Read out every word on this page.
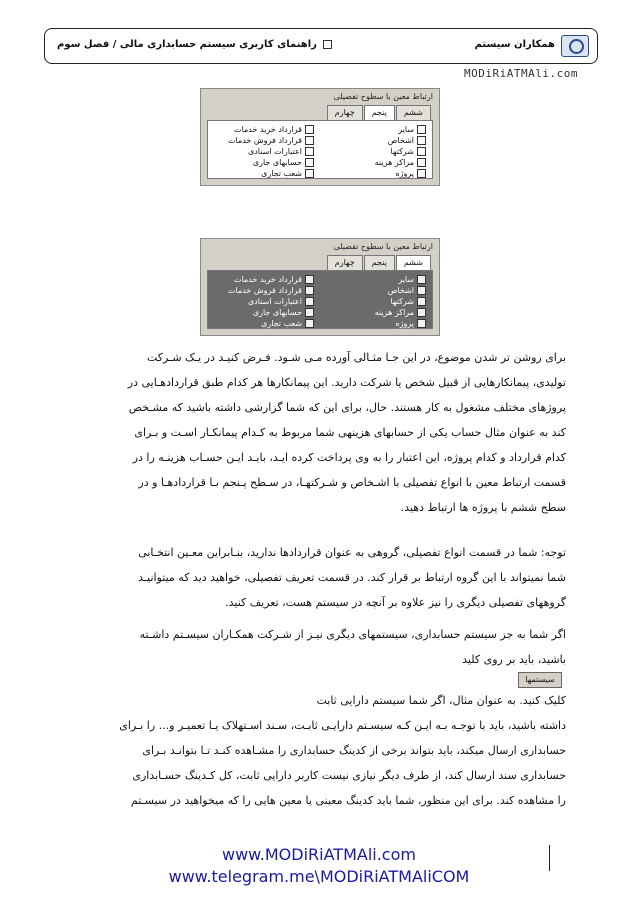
همکاران سیستم
راهنمای کاربری سیستم حسابداری مالی / فصل سوم
MODiRiATMAli.com
ارتباط معین با سطوح تفصیلی
ششم
پنجم
چهارم
قرارداد خرید خدمات
قرارداد فروش خدمات
اعتبارات اسنادی
حسابهای جاری
شعب تجاری
سایر
اشخاص
شرکتها
مراکز هزینه
پروژه
ارتباط معین با سطوح تفصیلی
ششم
پنجم
چهارم
قرارداد خرید خدمات
قرارداد فروش خدمات
اعتبارات اسنادی
حسابهای جاری
شعب تجاری
سایر
اشخاص
شرکتها
مراکز هزینه
پروژه
برای روشن تر شدن موضوع، در این جـا مثـالی آورده مـی شـود. فـرض کنیـد در یـک شـرکت
تولیدی، پیمانکارهایی از قبیل شخص یا شرکت دارید. این پیمانکارها هر کدام طبق قراردادهـایی در
پروژهای مختلف مشغول به کار هستند. حال، برای این که شما گزارشی داشته باشید که مشـخص
کند به عنوان مثال حساب یکی از حسابهای هزینهی شما مربوط به کـدام پیمانکـار اسـت و بـرای
کدام قرارداد و کدام پروژه، این اعتبار را به وی پرداخت کرده ایـد، بایـد ایـن حسـاب هزینـه را در
قسمت ارتباط معین با انواع تفصیلی با اشـخاص و شـرکتهـا، در سـطح پـنجم بـا قراردادهـا و در
سطح ششم با پروژه ها ارتباط دهید.
توجه: شما در قسمت انواع تفصیلی، گروهی به عنوان قراردادها ندارید، بنـابراین معـین انتخـابی
شما نمیتواند با این گروه ارتباط بر قرار کند. در قسمت تعریف تفصیلی، خواهید دید که میتوانیـد
گروههای تفصیلی دیگری را نیز علاوه بر آنچه در سیستم هست، تعریف کنید.
اگر شما به جز سیستم حسابداری، سیستمهای دیگری نیـز از شـرکت همکـاران سیسـتم داشـته
باشید، باید بر روی کلید
سیستمها
کلیک کنید. به عنوان مثال، اگر شما سیستم دارایی ثابت
داشته باشید، باید با توجـه بـه ایـن کـه سیسـتم دارایـی ثابـت، سـند اسـتهلاک یـا تعمیـر و... را بـرای
حسابداری ارسال میکند، باید بتواند برخی از کدینگ حسابداری را مشـاهده کنـد تـا بتوانـد بـرای
حسابداری سند ارسال کند، از طرف دیگر نیازی نیست کاربر دارایی ثابت، کل کـدینگ حسـابداری
را مشاهده کند. برای این منظور، شما باید کدینگ معینی یا معین هایی را که میخواهید در سیسـتم
www.MODiRiATMAli.com
www.telegram.me\MODiRiATMAliCOM
